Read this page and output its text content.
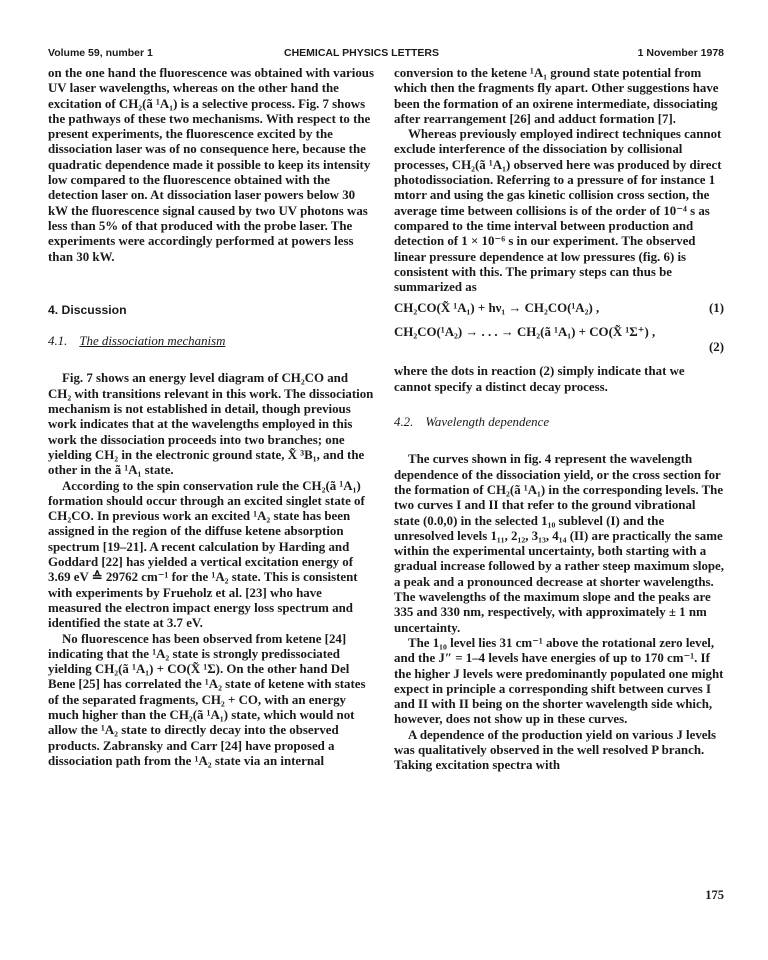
Volume 59, number 1	CHEMICAL PHYSICS LETTERS	1 November 1978

on the one hand the fluorescence was obtained with various UV laser wavelengths, whereas on the other hand the excitation of CH₂(ã ¹A₁) is a selective process. Fig. 7 shows the pathways of these two mechanisms. With respect to the present experiments, the fluorescence excited by the dissociation laser was of no consequence here, because the quadratic dependence made it possible to keep its intensity low compared to the fluorescence obtained with the detection laser on. At dissociation laser powers below 30 kW the fluorescence signal caused by two UV photons was less than 5% of that produced with the probe laser. The experiments were accordingly performed at powers less than 30 kW.

4. Discussion
4.1. The dissociation mechanism

Fig. 7 shows an energy level diagram of CH₂CO and CH₂ with transitions relevant in this work. The dissociation mechanism is not established in detail, though previous work indicates that at the wavelengths employed in this work the dissociation proceeds into two branches; one yielding CH₂ in the electronic ground state, X̃ ³B₁, and the other in the ã ¹A₁ state.

According to the spin conservation rule the CH₂(ã ¹A₁) formation should occur through an excited singlet state of CH₂CO. In previous work an excited ¹A₂ state has been assigned in the region of the diffuse ketene absorption spectrum [19–21]. A recent calculation by Harding and Goddard [22] has yielded a vertical excitation energy of 3.69 eV ≙ 29762 cm⁻¹ for the ¹A₂ state. This is consistent with experiments by Frueholz et al. [23] who have measured the electron impact energy loss spectrum and identified the state at 3.7 eV.

No fluorescence has been observed from ketene [24] indicating that the ¹A₂ state is strongly predissociated yielding CH₂(ã ¹A₁) + CO(X̃ ¹Σ). On the other hand Del Bene [25] has correlated the ¹A₂ state of ketene with states of the separated fragments, CH₂ + CO, with an energy much higher than the CH₂(ã ¹A₁) state, which would not allow the ¹A₂ state to directly decay into the observed products. Zabransky and Carr [24] have proposed a dissociation path from the ¹A₂ state via an internal

conversion to the ketene ¹A₁ ground state potential from which then the fragments fly apart. Other suggestions have been the formation of an oxirene intermediate, dissociating after rearrangement [26] and adduct formation [7].

Whereas previously employed indirect techniques cannot exclude interference of the dissociation by collisional processes, CH₂(ã ¹A₁) observed here was produced by direct photodissociation. Referring to a pressure of for instance 1 mtorr and using the gas kinetic collision cross section, the average time between collisions is of the order of 10⁻⁴ s as compared to the time interval between production and detection of 1 × 10⁻⁶ s in our experiment. The observed linear pressure dependence at low pressures (fig. 6) is consistent with this. The primary steps can thus be summarized as

CH₂CO(X̃ ¹A₁) + hν₁ → CH₂CO(¹A₂) ,	(1)
CH₂CO(¹A₂) → . . . → CH₂(ã ¹A₁) + CO(X̃ ¹Σ⁺) ,
(2)

where the dots in reaction (2) simply indicate that we cannot specify a distinct decay process.

4.2. Wavelength dependence

The curves shown in fig. 4 represent the wavelength dependence of the dissociation yield, or the cross section for the formation of CH₂(ã ¹A₁) in the corresponding levels. The two curves I and II that refer to the ground vibrational state (0.0,0) in the selected 1₁₀ sublevel (I) and the unresolved levels 1₁₁, 2₁₂, 3₁₃, 4₁₄ (II) are practically the same within the experimental uncertainty, both starting with a gradual increase followed by a rather steep maximum slope, a peak and a pronounced decrease at shorter wavelengths. The wavelengths of the maximum slope and the peaks are 335 and 330 nm, respectively, with approximately ± 1 nm uncertainty.

The 1₁₀ level lies 31 cm⁻¹ above the rotational zero level, and the J″ = 1–4 levels have energies of up to 170 cm⁻¹. If the higher J levels were predominantly populated one might expect in principle a corresponding shift between curves I and II with II being on the shorter wavelength side which, however, does not show up in these curves.

A dependence of the production yield on various J levels was qualitatively observed in the well resolved P branch. Taking excitation spectra with

175
